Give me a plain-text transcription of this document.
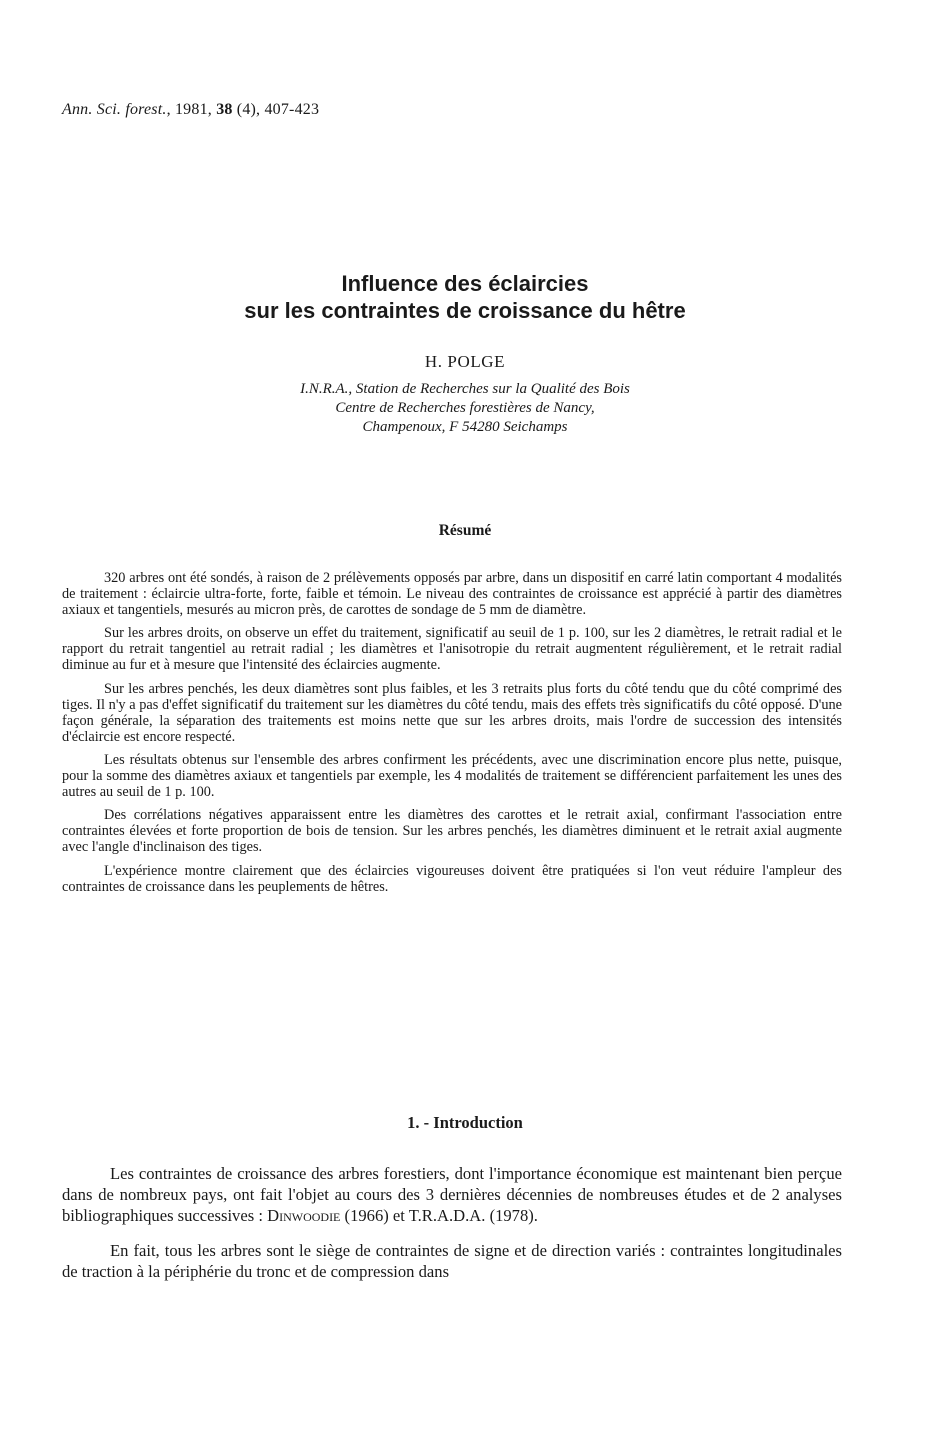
Ann. Sci. forest., 1981, 38 (4), 407-423
Influence des éclaircies
sur les contraintes de croissance du hêtre
H. POLGE
I.N.R.A., Station de Recherches sur la Qualité des Bois
Centre de Recherches forestières de Nancy,
Champenoux, F 54280 Seichamps
Résumé

320 arbres ont été sondés, à raison de 2 prélèvements opposés par arbre, dans un dispositif en carré latin comportant 4 modalités de traitement : éclaircie ultra-forte, forte, faible et témoin. Le niveau des contraintes de croissance est apprécié à partir des diamètres axiaux et tangentiels, mesurés au micron près, de carottes de sondage de 5 mm de diamètre.

Sur les arbres droits, on observe un effet du traitement, significatif au seuil de 1 p. 100, sur les 2 diamètres, le retrait radial et le rapport du retrait tangentiel au retrait radial ; les diamètres et l'anisotropie du retrait augmentent régulièrement, et le retrait radial diminue au fur et à mesure que l'intensité des éclaircies augmente.

Sur les arbres penchés, les deux diamètres sont plus faibles, et les 3 retraits plus forts du côté tendu que du côté comprimé des tiges. Il n'y a pas d'effet significatif du traitement sur les diamètres du côté tendu, mais des effets très significatifs du côté opposé. D'une façon générale, la séparation des traitements est moins nette que sur les arbres droits, mais l'ordre de succession des intensités d'éclaircie est encore respecté.

Les résultats obtenus sur l'ensemble des arbres confirment les précédents, avec une discrimination encore plus nette, puisque, pour la somme des diamètres axiaux et tangentiels par exemple, les 4 modalités de traitement se différencient parfaitement les unes des autres au seuil de 1 p. 100.

Des corrélations négatives apparaissent entre les diamètres des carottes et le retrait axial, confirmant l'association entre contraintes élevées et forte proportion de bois de tension. Sur les arbres penchés, les diamètres diminuent et le retrait axial augmente avec l'angle d'inclinaison des tiges.

L'expérience montre clairement que des éclaircies vigoureuses doivent être pratiquées si l'on veut réduire l'ampleur des contraintes de croissance dans les peuplements de hêtres.

1. - Introduction

Les contraintes de croissance des arbres forestiers, dont l'importance économique est maintenant bien perçue dans de nombreux pays, ont fait l'objet au cours des 3 dernières décennies de nombreuses études et de 2 analyses bibliographiques successives : Dinwoodie (1966) et T.R.A.D.A. (1978).

En fait, tous les arbres sont le siège de contraintes de signe et de direction variés : contraintes longitudinales de traction à la périphérie du tronc et de compression dans
